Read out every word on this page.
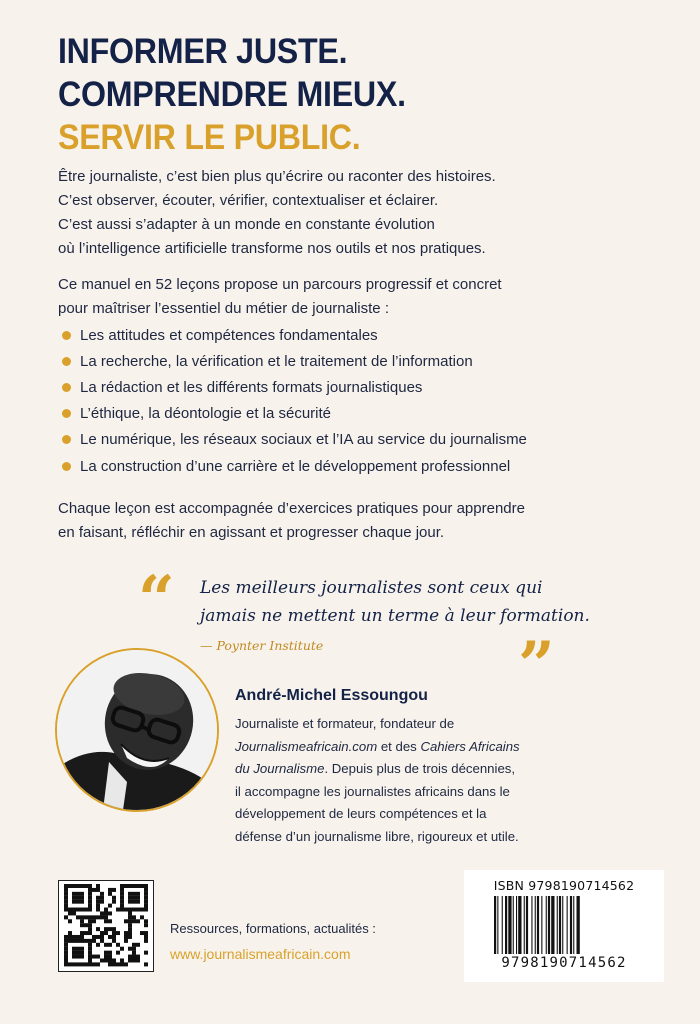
INFORMER JUSTE.
COMPRENDRE MIEUX.
SERVIR LE PUBLIC.
Être journaliste, c’est bien plus qu’écrire ou raconter des histoires.
C’est observer, écouter, vérifier, contextualiser et éclairer.
C’est aussi s’adapter à un monde en constante évolution
où l’intelligence artificielle transforme nos outils et nos pratiques.
Ce manuel en 52 leçons propose un parcours progressif et concret
pour maîtriser l’essentiel du métier de journaliste :
Les attitudes et compétences fondamentales
La recherche, la vérification et le traitement de l’information
La rédaction et les différents formats journalistiques
L’éthique, la déontologie et la sécurité
Le numérique, les réseaux sociaux et l’IA au service du journalisme
La construction d’une carrière et le développement professionnel
Chaque leçon est accompagnée d’exercices pratiques pour apprendre
en faisant, réfléchir en agissant et progresser chaque jour.
“ Les meilleurs journalistes sont ceux qui
jamais ne mettent un terme à leur formation.
— Poynter Institute	”
André-Michel Essoungou
Journaliste et formateur, fondateur de
Journalismeafricain.com et des Cahiers Africains
du Journalisme. Depuis plus de trois décennies,
il accompagne les journalistes africains dans le
développement de leurs compétences et la
défense d’un journalisme libre, rigoureux et utile.
Ressources, formations, actualités :
www.journalismeafricain.com
ISBN 9798190714562
9798190714562
